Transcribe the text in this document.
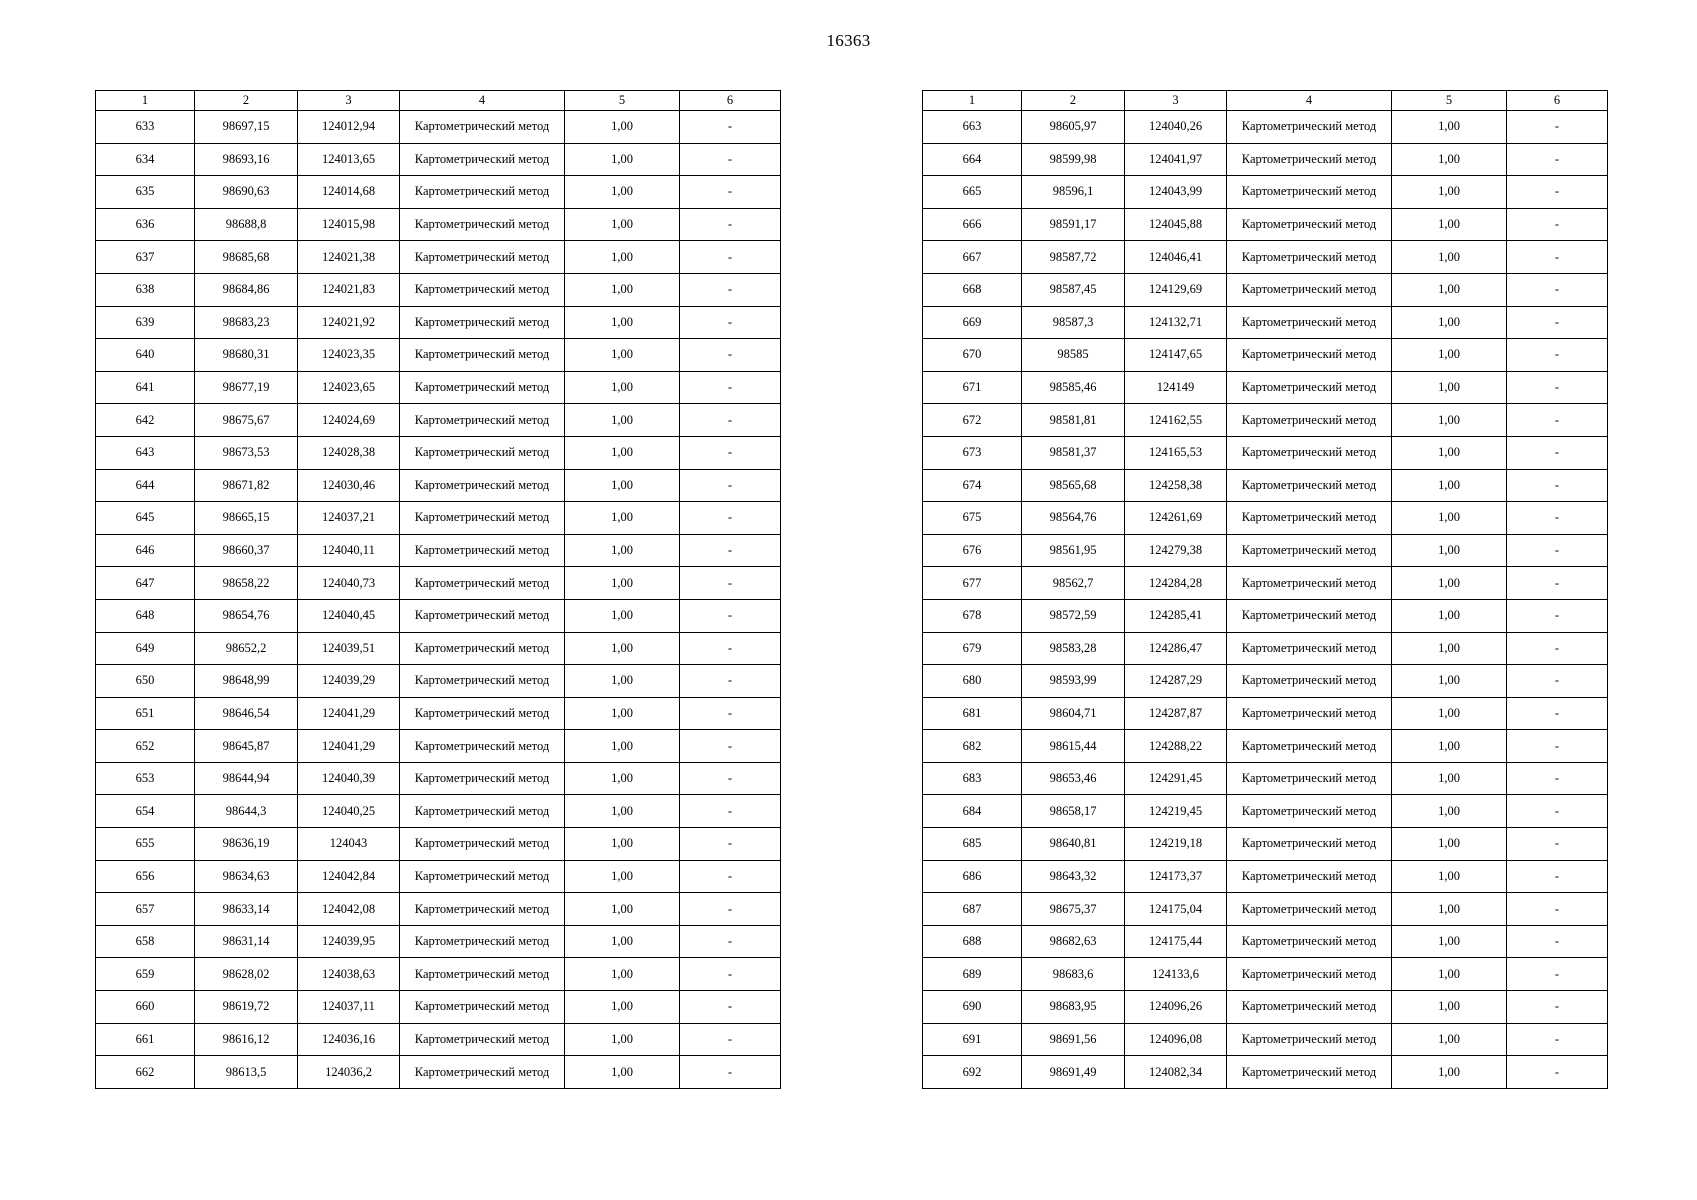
16363
1	2	3	4	5	6
633	98697,15	124012,94	Картометрический метод	1,00	-
634	98693,16	124013,65	Картометрический метод	1,00	-
635	98690,63	124014,68	Картометрический метод	1,00	-
636	98688,8	124015,98	Картометрический метод	1,00	-
637	98685,68	124021,38	Картометрический метод	1,00	-
638	98684,86	124021,83	Картометрический метод	1,00	-
639	98683,23	124021,92	Картометрический метод	1,00	-
640	98680,31	124023,35	Картометрический метод	1,00	-
641	98677,19	124023,65	Картометрический метод	1,00	-
642	98675,67	124024,69	Картометрический метод	1,00	-
643	98673,53	124028,38	Картометрический метод	1,00	-
644	98671,82	124030,46	Картометрический метод	1,00	-
645	98665,15	124037,21	Картометрический метод	1,00	-
646	98660,37	124040,11	Картометрический метод	1,00	-
647	98658,22	124040,73	Картометрический метод	1,00	-
648	98654,76	124040,45	Картометрический метод	1,00	-
649	98652,2	124039,51	Картометрический метод	1,00	-
650	98648,99	124039,29	Картометрический метод	1,00	-
651	98646,54	124041,29	Картометрический метод	1,00	-
652	98645,87	124041,29	Картометрический метод	1,00	-
653	98644,94	124040,39	Картометрический метод	1,00	-
654	98644,3	124040,25	Картометрический метод	1,00	-
655	98636,19	124043	Картометрический метод	1,00	-
656	98634,63	124042,84	Картометрический метод	1,00	-
657	98633,14	124042,08	Картометрический метод	1,00	-
658	98631,14	124039,95	Картометрический метод	1,00	-
659	98628,02	124038,63	Картометрический метод	1,00	-
660	98619,72	124037,11	Картометрический метод	1,00	-
661	98616,12	124036,16	Картометрический метод	1,00	-
662	98613,5	124036,2	Картометрический метод	1,00	-
1	2	3	4	5	6
663	98605,97	124040,26	Картометрический метод	1,00	-
664	98599,98	124041,97	Картометрический метод	1,00	-
665	98596,1	124043,99	Картометрический метод	1,00	-
666	98591,17	124045,88	Картометрический метод	1,00	-
667	98587,72	124046,41	Картометрический метод	1,00	-
668	98587,45	124129,69	Картометрический метод	1,00	-
669	98587,3	124132,71	Картометрический метод	1,00	-
670	98585	124147,65	Картометрический метод	1,00	-
671	98585,46	124149	Картометрический метод	1,00	-
672	98581,81	124162,55	Картометрический метод	1,00	-
673	98581,37	124165,53	Картометрический метод	1,00	-
674	98565,68	124258,38	Картометрический метод	1,00	-
675	98564,76	124261,69	Картометрический метод	1,00	-
676	98561,95	124279,38	Картометрический метод	1,00	-
677	98562,7	124284,28	Картометрический метод	1,00	-
678	98572,59	124285,41	Картометрический метод	1,00	-
679	98583,28	124286,47	Картометрический метод	1,00	-
680	98593,99	124287,29	Картометрический метод	1,00	-
681	98604,71	124287,87	Картометрический метод	1,00	-
682	98615,44	124288,22	Картометрический метод	1,00	-
683	98653,46	124291,45	Картометрический метод	1,00	-
684	98658,17	124219,45	Картометрический метод	1,00	-
685	98640,81	124219,18	Картометрический метод	1,00	-
686	98643,32	124173,37	Картометрический метод	1,00	-
687	98675,37	124175,04	Картометрический метод	1,00	-
688	98682,63	124175,44	Картометрический метод	1,00	-
689	98683,6	124133,6	Картометрический метод	1,00	-
690	98683,95	124096,26	Картометрический метод	1,00	-
691	98691,56	124096,08	Картометрический метод	1,00	-
692	98691,49	124082,34	Картометрический метод	1,00	-
